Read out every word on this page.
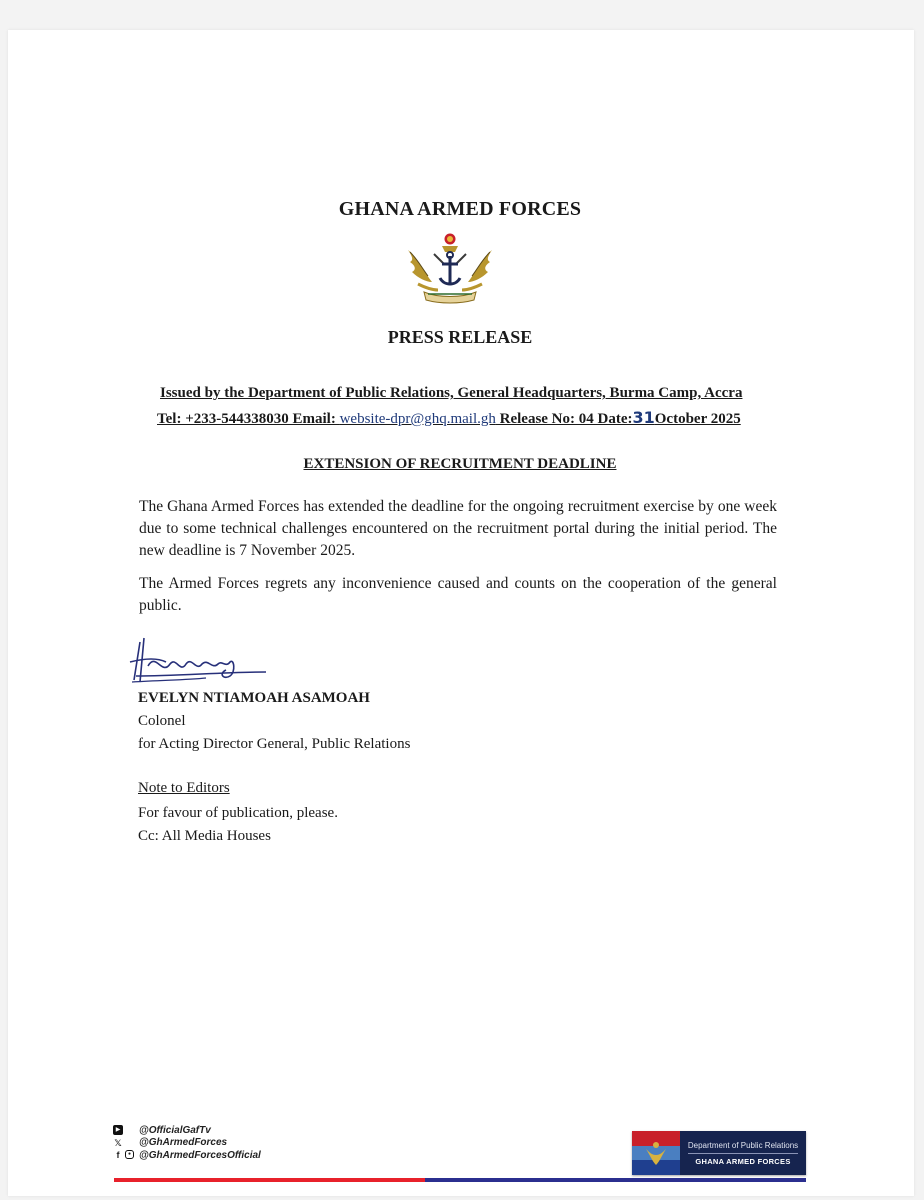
GHANA ARMED FORCES
PRESS RELEASE
Issued by the Department of Public Relations, General Headquarters, Burma Camp, Accra
Tel: +233-544338030 Email: website-dpr@ghq.mail.gh Release No: 04 Date:31October 2025
EXTENSION OF RECRUITMENT DEADLINE
The Ghana Armed Forces has extended the deadline for the ongoing recruitment exercise by one week due to some technical challenges encountered on the recruitment portal during the initial period. The new deadline is 7 November 2025.
The Armed Forces regrets any inconvenience caused and counts on the cooperation of the general public.
EVELYN NTIAMOAH ASAMOAH
Colonel
for Acting Director General, Public Relations
Note to Editors
For favour of publication, please.
Cc: All Media Houses
▶ @OfficialGafTv
𝕏 @GhArmedForces
f	● @GhArmedForcesOfficial
Department of Public Relations
GHANA ARMED FORCES
